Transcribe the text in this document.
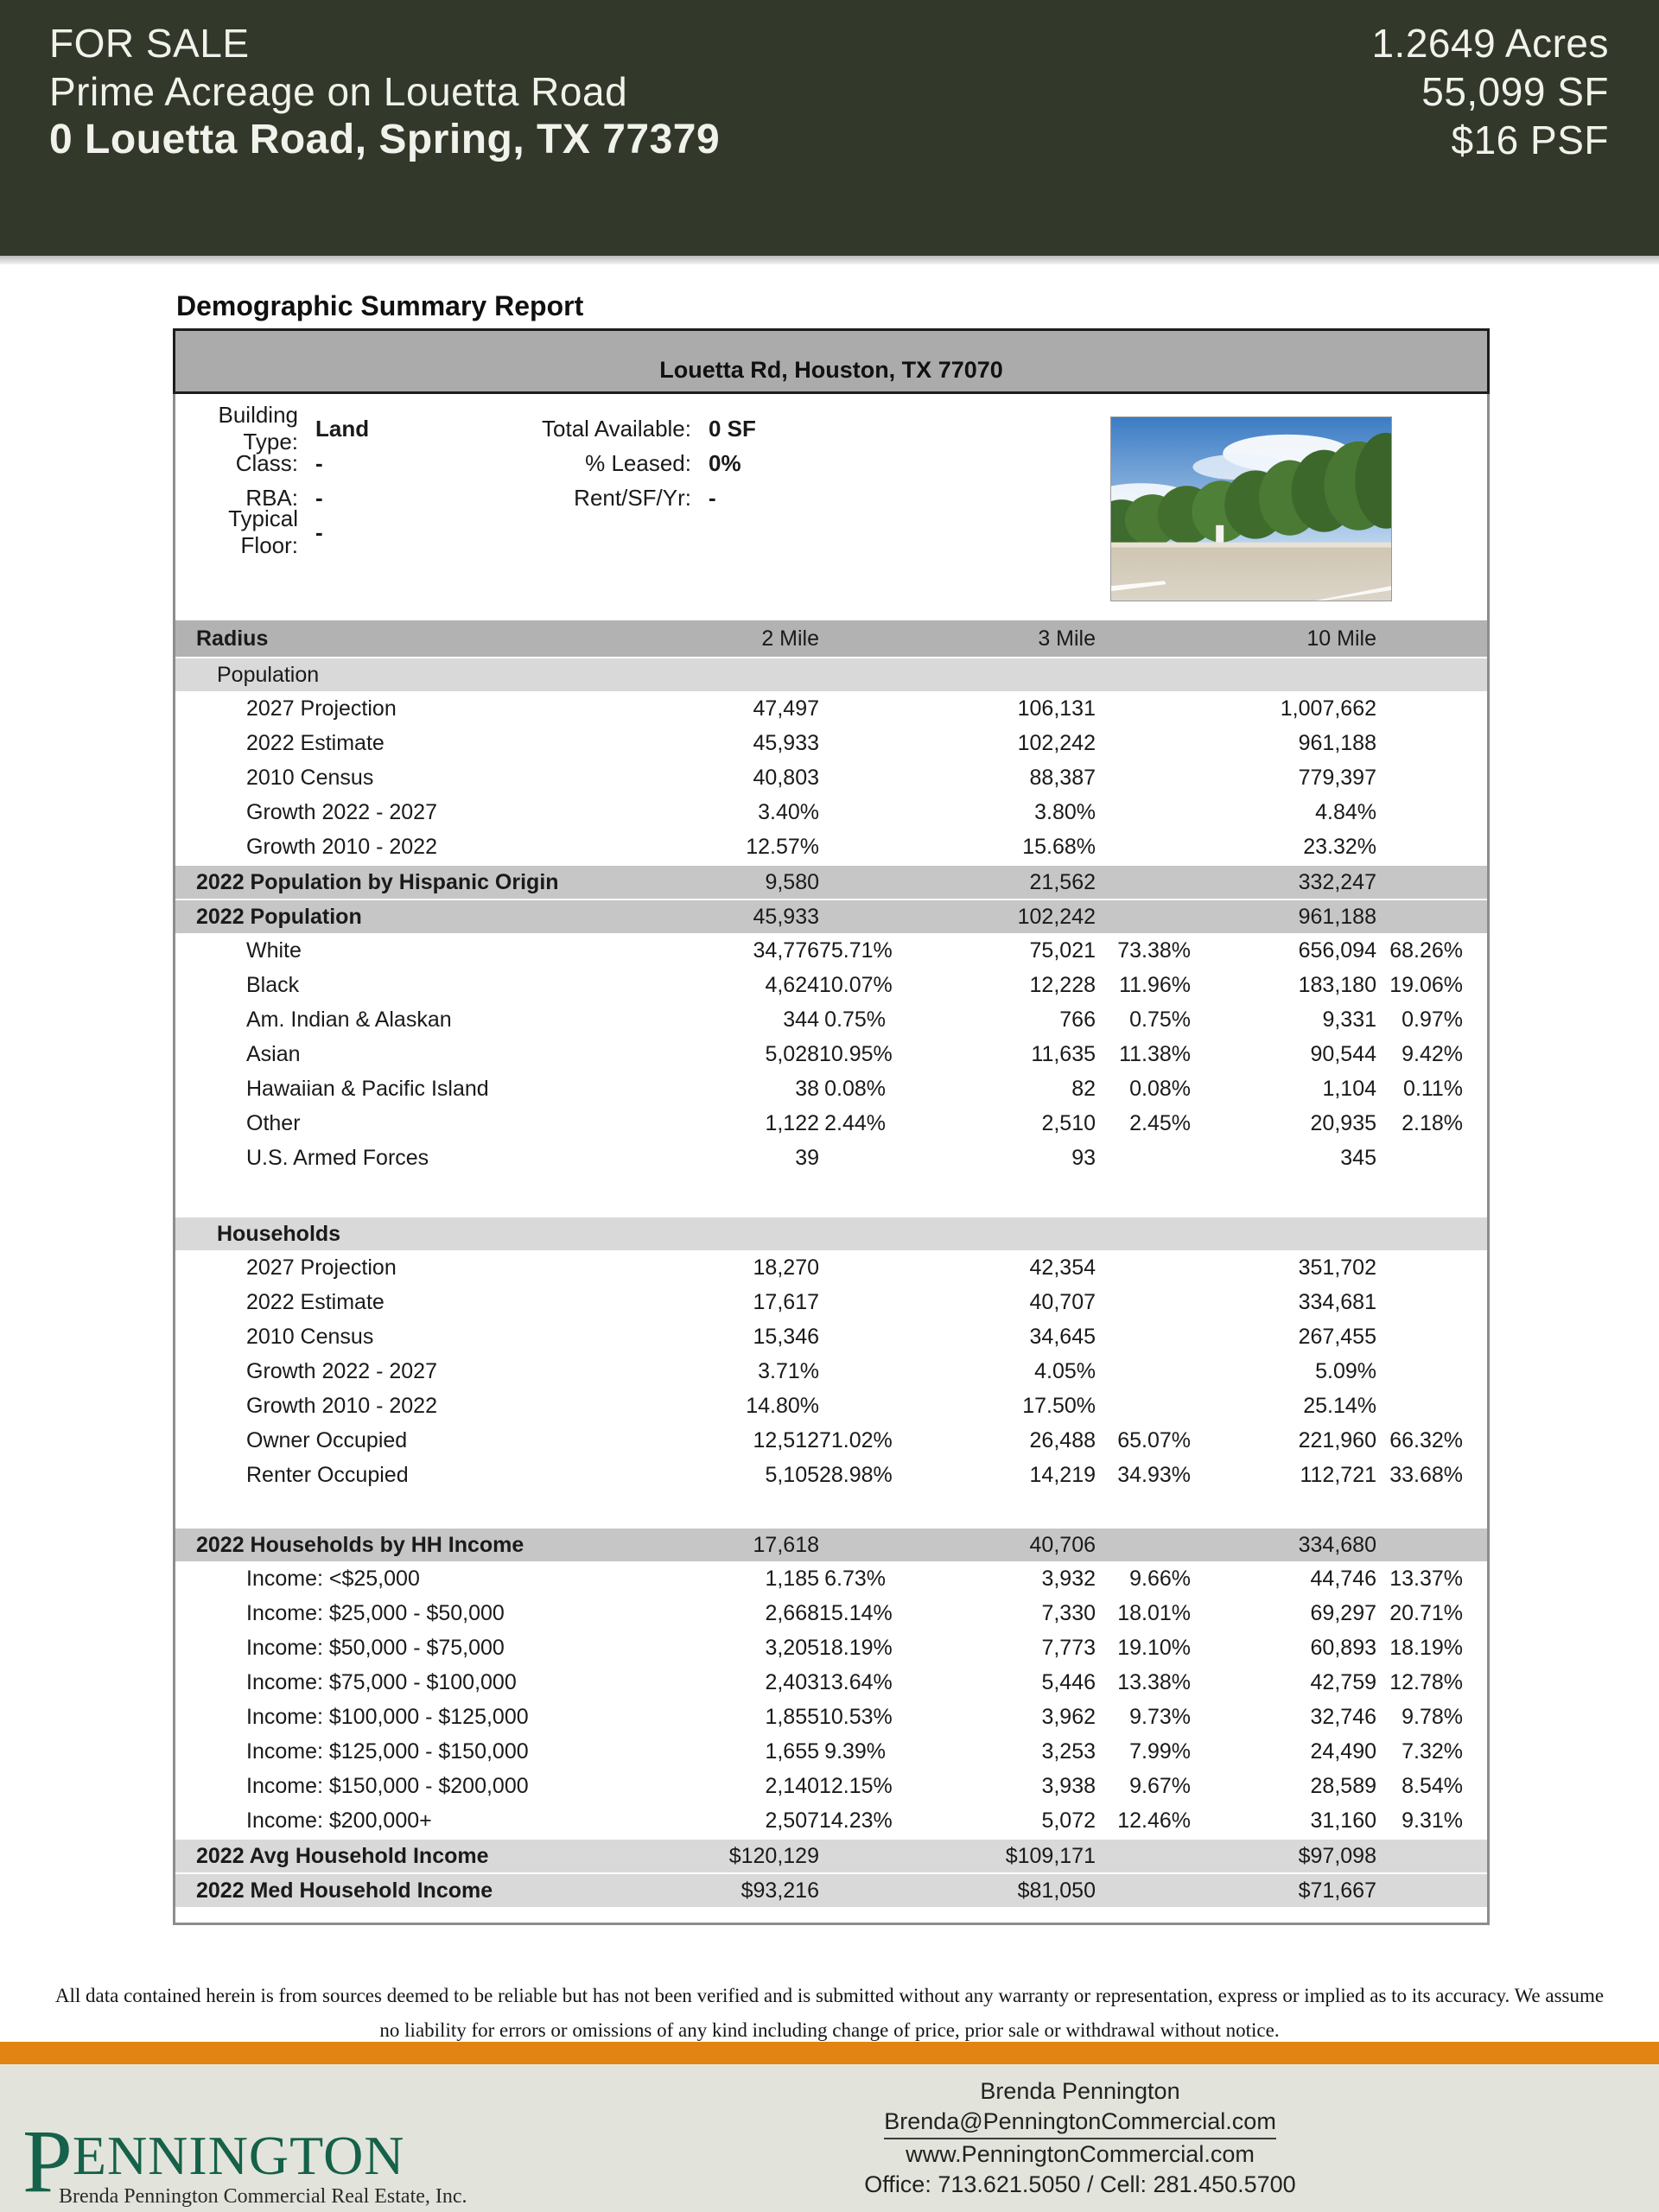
FOR SALE
Prime Acreage on Louetta Road
0 Louetta Road, Spring, TX 77379
1.2649 Acres
55,099 SF
$16 PSF
Demographic Summary Report
Louetta Rd, Houston, TX 77070
Building Type:
Land
Class: -
RBA: -
Typical Floor:
-
Total Available: 0 SF
% Leased: 0%
Rent/SF/Yr: -
Radius	2 Mile	3 Mile	10 Mile
Population
2027 Projection	47,497	106,131	1,007,662
2022 Estimate	45,933	102,242	961,188
2010 Census	40,803	88,387	779,397
Growth 2022 - 2027	3.40%	3.80%	4.84%
Growth 2010 - 2022	12.57%	15.68%	23.32%
2022 Population by Hispanic Origin	9,580	21,562	332,247
2022 Population	45,933	102,242	961,188
White	34,776 75.71%	75,021	73.38%	656,094 68.26%
Black	4,624 10.07%	12,228	11.96%	183,180 19.06%
Am. Indian & Alaskan	344 0.75%	766	0.75%	9,331	0.97%
Asian	5,028 10.95%	11,635	11.38%	90,544	9.42%
Hawaiian & Pacific Island	38 0.08%	82	0.08%	1,104	0.11%
Other	1,122 2.44%	2,510	2.45%	20,935	2.18%
U.S. Armed Forces	39	93	345
Households
2027 Projection	18,270	42,354	351,702
2022 Estimate	17,617	40,707	334,681
2010 Census	15,346	34,645	267,455
Growth 2022 - 2027	3.71%	4.05%	5.09%
Growth 2010 - 2022	14.80%	17.50%	25.14%
Owner Occupied	12,512 71.02%	26,488	65.07%	221,960 66.32%
Renter Occupied	5,105 28.98%	14,219	34.93%	112,721 33.68%
2022 Households by HH Income	17,618	40,706	334,680
Income: <$25,000	1,185 6.73%	3,932	9.66%	44,746 13.37%
Income: $25,000 - $50,000	2,668 15.14%	7,330	18.01%	69,297 20.71%
Income: $50,000 - $75,000	3,205 18.19%	7,773	19.10%	60,893 18.19%
Income: $75,000 - $100,000	2,403 13.64%	5,446	13.38%	42,759 12.78%
Income: $100,000 - $125,000	1,855 10.53%	3,962	9.73%	32,746	9.78%
Income: $125,000 - $150,000	1,655 9.39%	3,253	7.99%	24,490	7.32%
Income: $150,000 - $200,000	2,140 12.15%	3,938	9.67%	28,589	8.54%
Income: $200,000+	2,507 14.23%	5,072	12.46%	31,160	9.31%
2022 Avg Household Income	$120,129	$109,171	$97,098
2022 Med Household Income	$93,216	$81,050	$71,667
All data contained herein is from sources deemed to be reliable but has not been verified and is submitted without any warranty or representation, express or implied as to its accuracy. We assume no liability for errors or omissions of any kind including change of price, prior sale or withdrawal without notice.
P ENNINGTON
Brenda Pennington Commercial Real Estate, Inc.
Brenda Pennington
Brenda@PenningtonCommercial.com
www.PenningtonCommercial.com
Office: 713.621.5050 / Cell: 281.450.5700
